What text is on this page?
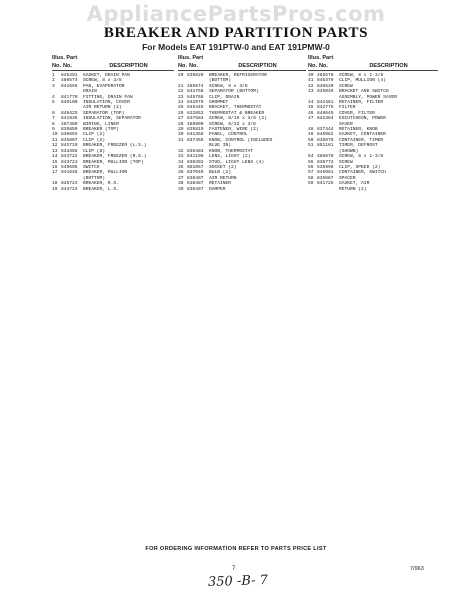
AppliancePartsPros.com
BREAKER AND PARTITION PARTS
For Models EAT 191PTW-0 and EAT 191PMW-0
Illus. Part
No. No.	DESCRIPTION
1	845391	GASKET, DRAIN PAN
2	486574	SCREW, 8 x 3/8
3	841656	PAN, EVAPORATOR
DRAIN
4	841770	FITTING, DRAIN PAN
5	846100	INSULATION, COVER
AIR RETURN (2)
6	848425	SEPARATOR (TOP)
7	841936	INSULATION, SEPARATOR
8	487389	WIRING, LINER
9	839850	BREAKER (TOP)
10 836693	CLIP (2)
11 845807	CLIP (2)
12 843719	BREAKER, FREEZER (L.S.)
13 534365	CLIP (8)
14 843722	BREAKER, FREEZER (R.S.)
15 843721	BREAKER, MULLION (TOP)
16 549695	SWITCH
17 841645	BREAKER, MULLION
(BOTTOM)
18 845724	BREAKER, R.S.
19 843723	BREAKER, L.S.
Illus. Part
No. No.	DESCRIPTION
20 839829	BREAKER, REFRIGERATOR
(BOTTOM)
21 485674	SCREW, 8 x 3/8
22 841758	SEPARATOR (BOTTOM)
23 845768	CLIP, DRAIN
24 842979	GROMMET
25 845445	BRACKET, THERMOSTAT
26 832852	THERMOSTAT & BREAKER
27 837584	SCREW, 8/15 x 3/8 (2)
28 488900	SCREW, 8/32 x 3/8
29 835819	FASTENER, WIRE (2)
30 841368	PANEL, CONTROL
31 837465	KNOB, CONTROL (INCLUDES
BLUE IN)
32 836483	KNOB, THERMOSTAT
33 841108	LENS, LIGHT (2)
34 836392	STUD, LIGHT LENS (4)
35 881067	SOCKET (2)
36 837049	BULB (2)
37 836487	AIR RETURN
38 836487	RETAINER
39 836487	DAMPER
Illus. Part
No. No.	DESCRIPTION
40 485678	SCREW, 8 x 1-3/8
41 845479	CLIP, MULLION (4)
42 836530	SCREW
43 845049	BRACKET AND SWITCH
ASSEMBLY, POWER SAVER
44 842461	RETAINER, FILTER
45 842775	FILTER
46 848645	COVER, FILTER
47 842384	ESCUTCHEON, POWER
SAVER
48 837444	RETAINER, KNOB
49 845062	GASKET, CONTAINER
50 835079	CONTAINER, TIMER
51 851161	TIMER, DEFROST
(SHOWN)
54 485678	SCREW, 8 x 1-3/8
55 836772	SCREW
56 535998	CLIP, SPEED (2)
57 845061	CONTAINER, SWITCH
58 835667	SPACER
59 841725	GASKET, AIR
RETURN (2)
FOR ORDERING INFORMATION REFER TO PARTS PRICE LIST
7	7/963
350 -B- 7
